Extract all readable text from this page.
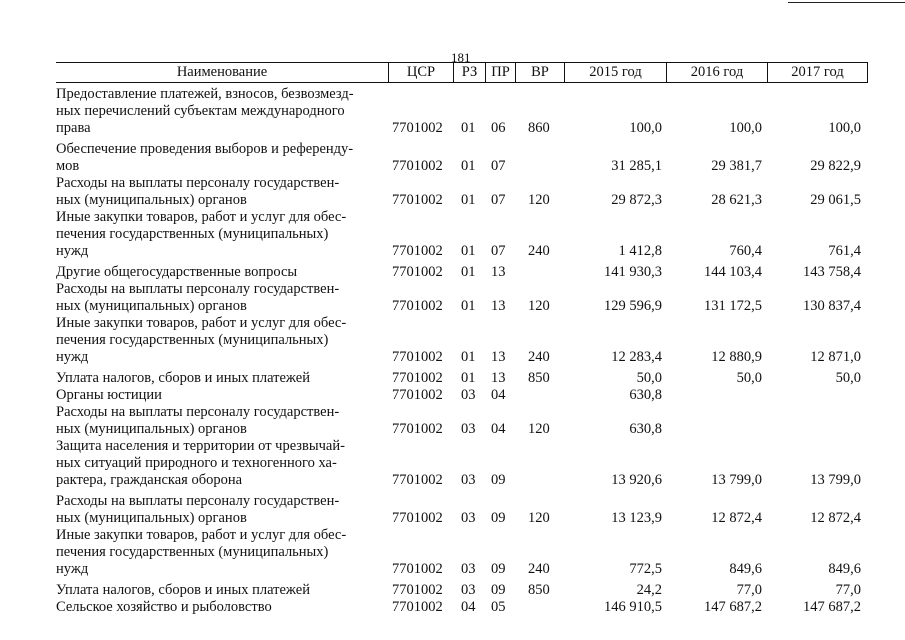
181
Наименование	ЦСР	РЗ ПР	ВР	2015 год	2016 год	2017 год
Предоставление платежей, взносов, безвозмезд-
ных перечислений субъектам международного
права	7701002 01 06 860	100,0	100,0	100,0
Обеспечение проведения выборов и референду-
мов	7701002 01 07	31 285,1	29 381,7	29 822,9
Расходы на выплаты персоналу государствен-
ных (муниципальных) органов	7701002 01 07 120	29 872,3	28 621,3	29 061,5
Иные закупки товаров, работ и услуг для обес-
печения государственных (муниципальных)
нужд	7701002 01 07 240	1 412,8	760,4	761,4
Другие общегосударственные вопросы	7701002 01 13	141 930,3	144 103,4	143 758,4
Расходы на выплаты персоналу государствен-
ных (муниципальных) органов	7701002 01 13 120	129 596,9	131 172,5	130 837,4
Иные закупки товаров, работ и услуг для обес-
печения государственных (муниципальных)
нужд	7701002 01 13 240	12 283,4	12 880,9	12 871,0
Уплата налогов, сборов и иных платежей	7701002 01 13 850	50,0	50,0	50,0
Органы юстиции	7701002 03 04	630,8
Расходы на выплаты персоналу государствен-
ных (муниципальных) органов	7701002 03 04 120	630,8
Защита населения и территории от чрезвычай-
ных ситуаций природного и техногенного ха-
рактера, гражданская оборона	7701002 03 09	13 920,6	13 799,0	13 799,0
Расходы на выплаты персоналу государствен-
ных (муниципальных) органов	7701002 03 09 120	13 123,9	12 872,4	12 872,4
Иные закупки товаров, работ и услуг для обес-
печения государственных (муниципальных)
нужд	7701002 03 09 240	772,5	849,6	849,6
Уплата налогов, сборов и иных платежей	7701002 03 09 850	24,2	77,0	77,0
Сельское хозяйство и рыболовство	7701002 04 05	146 910,5	147 687,2	147 687,2
